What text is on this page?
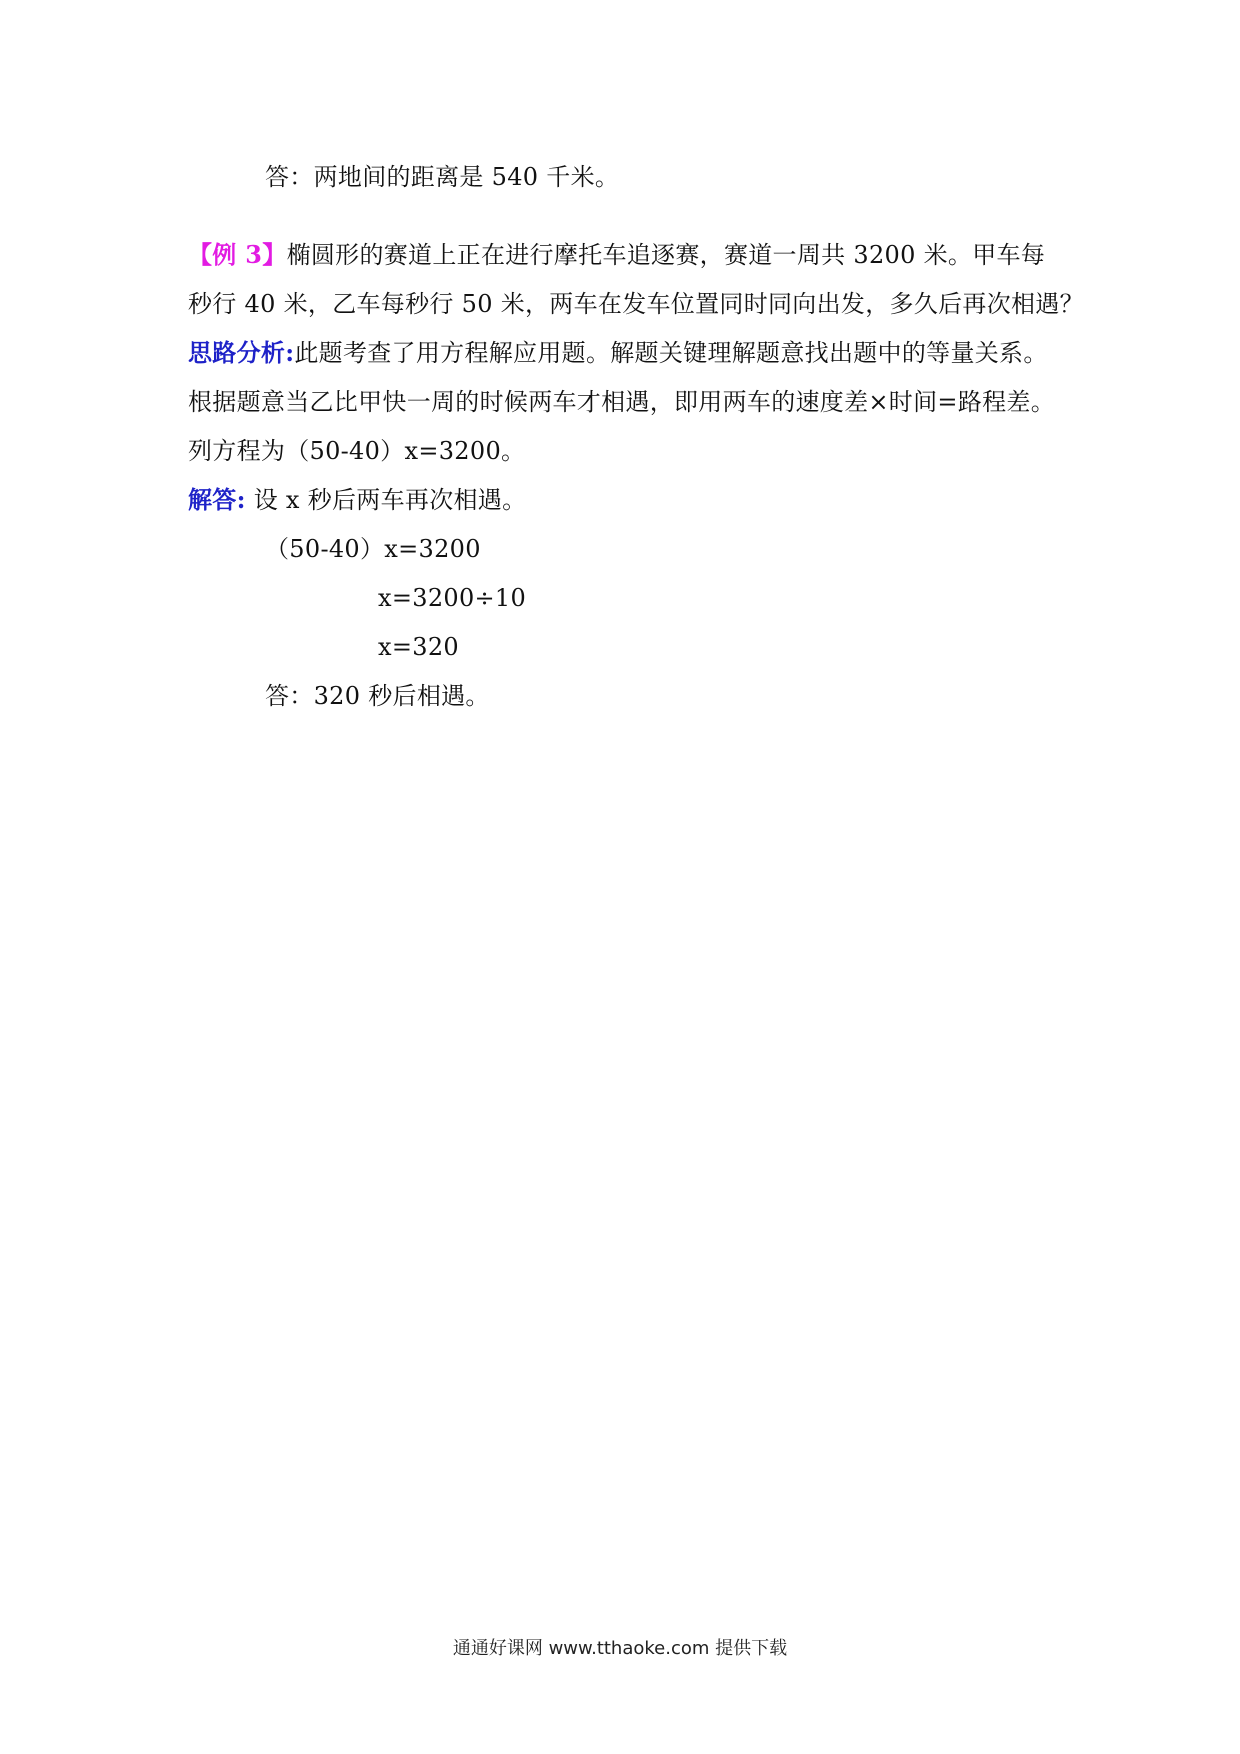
答：两地间的距离是 540 千米。
【例 3】椭圆形的赛道上正在进行摩托车追逐赛，赛道一周共 3200 米。甲车每
秒行 40 米，乙车每秒行 50 米，两车在发车位置同时同向出发，多久后再次相遇？
思路分析:此题考查了用方程解应用题。解题关键理解题意找出题中的等量关系。
根据题意当乙比甲快一周的时候两车才相遇，即用两车的速度差×时间=路程差。
列方程为（50-40）x=3200。
解答: 设 x 秒后两车再次相遇。
（50-40）x=3200
x=3200÷10
x=320
答：320 秒后相遇。
通通好课网 www.tthaoke.com 提供下载
